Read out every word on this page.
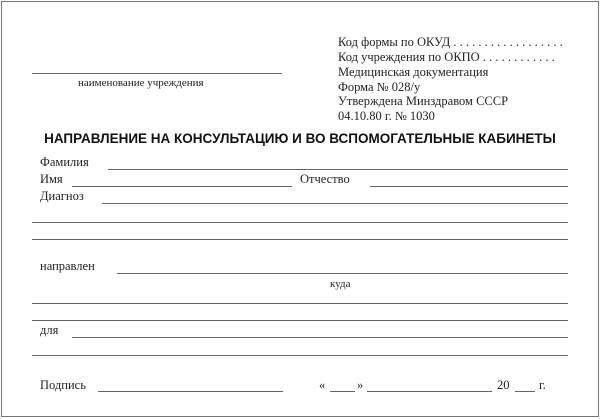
наименование учреждения
Код формы по ОКУД . . . . . . . . . . . . . . . . . .
Код учреждения по ОКПО . . . . . . . . . . . .
Медицинская документация
Форма № 028/у
Утверждена Минздравом СССР
04.10.80 г. № 1030
НАПРАВЛЕНИЕ НА КОНСУЛЬТАЦИЮ И ВО ВСПОМОГАТЕЛЬНЫЕ КАБИНЕТЫ
Фамилия
Имя	Отчество
Диагноз
направлен
куда
для
Подпись	«	»	20 г.
